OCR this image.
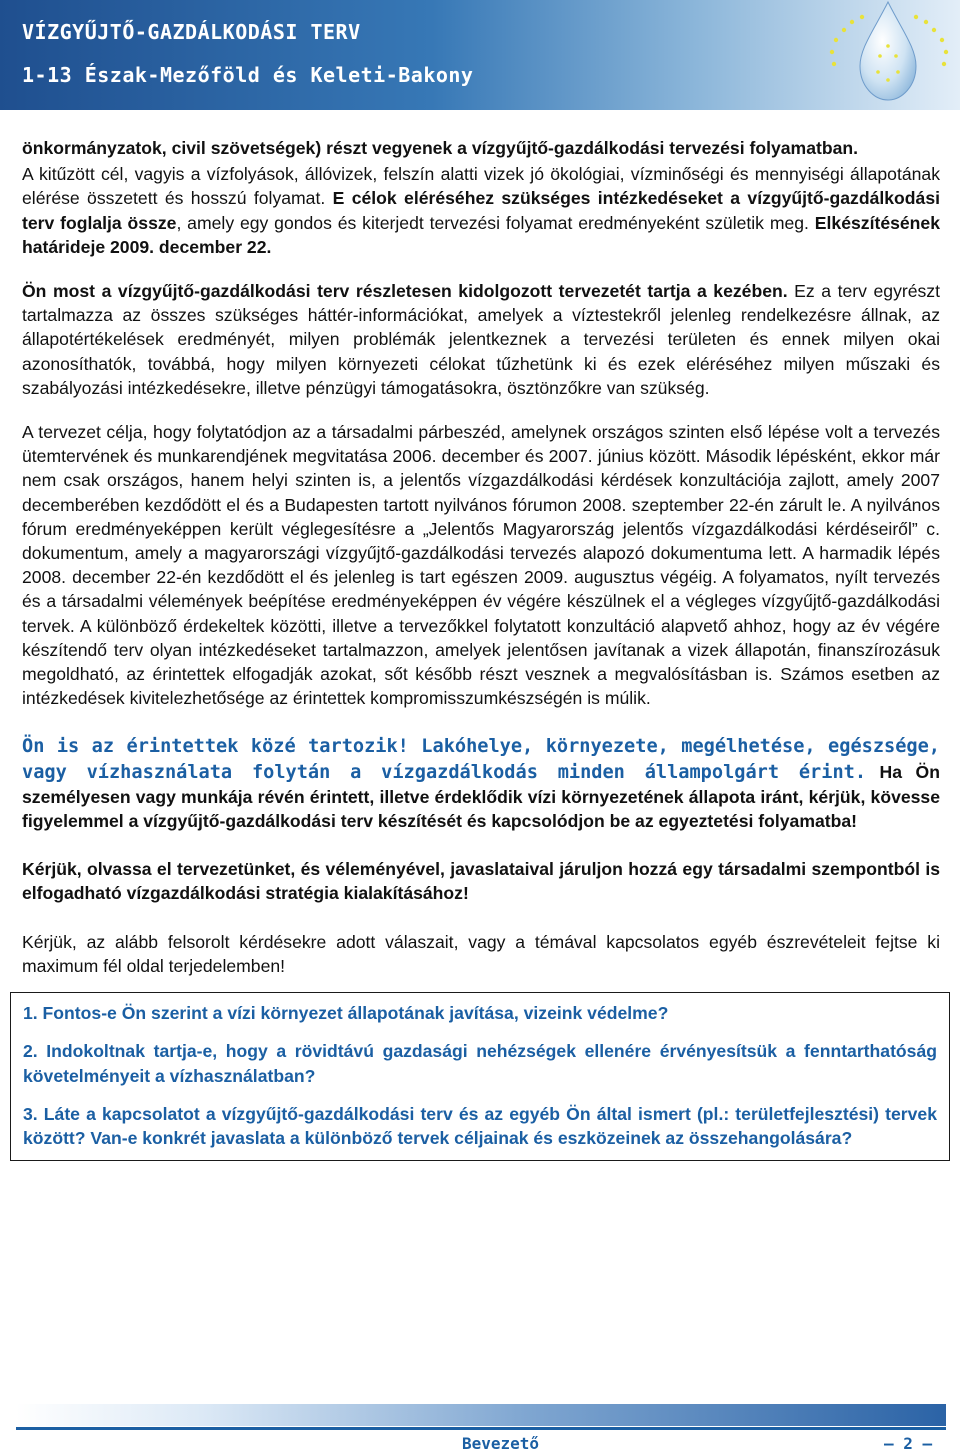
VÍZGYŰJTŐ-GAZDÁLKODÁSI TERV
1-13 Észak-Mezőföld és Keleti-Bakony

önkormányzatok, civil szövetségek) részt vegyenek a vízgyűjtő-gazdálkodási tervezési folyamatban.

A kitűzött cél, vagyis a vízfolyások, állóvizek, felszín alatti vizek jó ökológiai, vízminőségi és mennyiségi állapotának elérése összetett és hosszú folyamat. E célok eléréséhez szükséges intézkedéseket a vízgyűjtő-gazdálkodási terv foglalja össze, amely egy gondos és kiterjedt tervezési folyamat eredményeként születik meg. Elkészítésének határideje 2009. december 22.

Ön most a vízgyűjtő-gazdálkodási terv részletesen kidolgozott tervezetét tartja a kezében. Ez a terv egyrészt tartalmazza az összes szükséges háttér-információkat, amelyek a víztestekről jelenleg rendelkezésre állnak, az állapotértékelések eredményét, milyen problémák jelentkeznek a tervezési területen és ennek milyen okai azonosíthatók, továbbá, hogy milyen környezeti célokat tűzhetünk ki és ezek eléréséhez milyen műszaki és szabályozási intézkedésekre, illetve pénzügyi támogatásokra, ösztönzőkre van szükség.

A tervezet célja, hogy folytatódjon az a társadalmi párbeszéd, amelynek országos szinten első lépése volt a tervezés ütemtervének és munkarendjének megvitatása 2006. december és 2007. június között. Második lépésként, ekkor már nem csak országos, hanem helyi szinten is, a jelentős vízgazdálkodási kérdések konzultációja zajlott, amely 2007 decemberében kezdődött el és a Budapesten tartott nyilvános fórumon 2008. szeptember 22-én zárult le. A nyilvános fórum eredményeképpen került véglegesítésre a „Jelentős Magyarország jelentős vízgazdálkodási kérdéseiről” c. dokumentum, amely a magyarországi vízgyűjtő-gazdálkodási tervezés alapozó dokumentuma lett. A harmadik lépés 2008. december 22-én kezdődött el és jelenleg is tart egészen 2009. augusztus végéig. A folyamatos, nyílt tervezés és a társadalmi vélemények beépítése eredményeképpen év végére készülnek el a végleges vízgyűjtő-gazdálkodási tervek. A különböző érdekeltek közötti, illetve a tervezőkkel folytatott konzultáció alapvető ahhoz, hogy az év végére készítendő terv olyan intézkedéseket tartalmazzon, amelyek jelentősen javítanak a vizek állapotán, finanszírozásuk megoldható, az érintettek elfogadják azokat, sőt később részt vesznek a megvalósításban is. Számos esetben az intézkedések kivitelezhetősége az érintettek kompromisszumkészségén is múlik.

Ön is az érintettek közé tartozik! Lakóhelye, környezete, megélhetése, egészsége, vagy vízhasználata folytán a vízgazdálkodás minden állampolgárt érint. Ha Ön személyesen vagy munkája révén érintett, illetve érdeklődik vízi környezetének állapota iránt, kérjük, kövesse figyelemmel a vízgyűjtő-gazdálkodási terv készítését és kapcsolódjon be az egyeztetési folyamatba!

Kérjük, olvassa el tervezetünket, és véleményével, javaslataival járuljon hozzá egy társadalmi szempontból is elfogadható vízgazdálkodási stratégia kialakításához!

Kérjük, az alább felsorolt kérdésekre adott válaszait, vagy a témával kapcsolatos egyéb észrevételeit fejtse ki maximum fél oldal terjedelemben!

1. Fontos-e Ön szerint a vízi környezet állapotának javítása, vizeink védelme?

2. Indokoltnak tartja-e, hogy a rövidtávú gazdasági nehézségek ellenére érvényesítsük a fenntarthatóság követelményeit a vízhasználatban?

3. Láte a kapcsolatot a vízgyűjtő-gazdálkodási terv és az egyéb Ön által ismert (pl.: területfejlesztési) tervek között? Van-e konkrét javaslata a különböző tervek céljainak és eszközeinek az összehangolására?

Bevezető	— 2 —
